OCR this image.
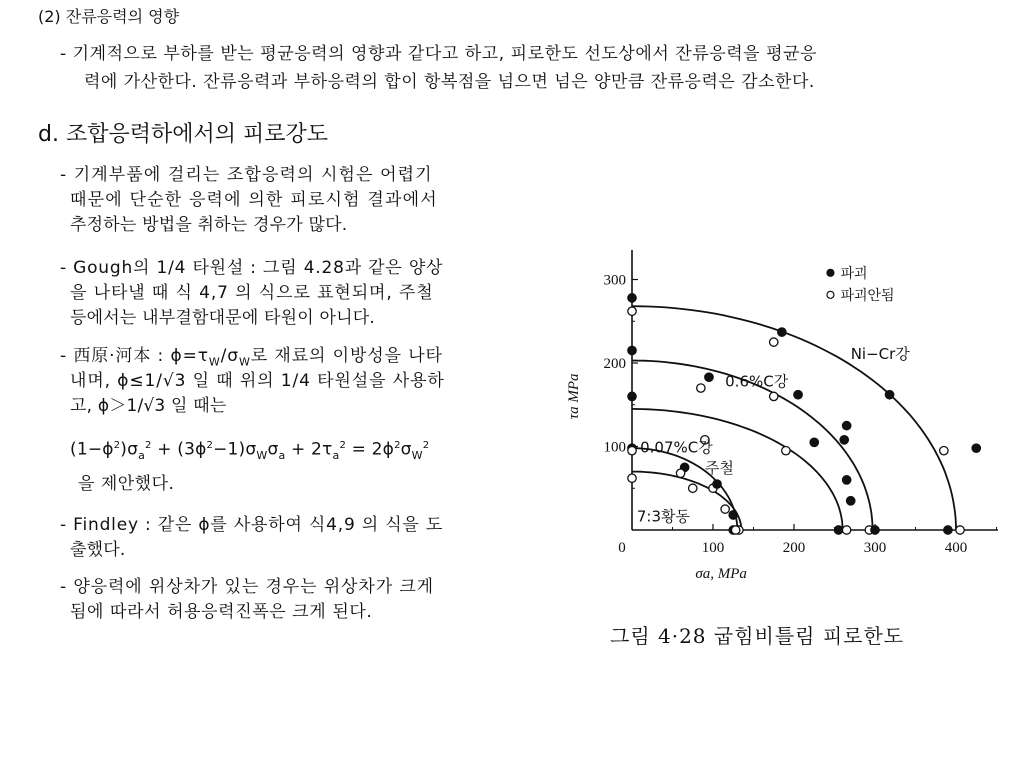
(2) 잔류응력의 영향
- 기계적으로 부하를 받는 평균응력의 영향과 같다고 하고, 피로한도 선도상에서 잔류응력을 평균응
력에 가산한다. 잔류응력과 부하응력의 합이 항복점을 넘으면 넘은 양만큼 잔류응력은 감소한다.
d. 조합응력하에서의 피로강도
- 기계부품에 걸리는 조합응력의 시험은 어렵기
때문에 단순한 응력에 의한 피로시험 결과에서
추정하는 방법을 취하는 경우가 많다.
- Gough의 1/4 타원설 : 그림 4.28과 같은 양상
을 나타낼 때 식 4,7 의 식으로 표현되며, 주철
등에서는 내부결함대문에 타원이 아니다.
- 西原·河本 : $\phi=\tau_W/\sigma_W$로 재료의 이방성을 나타
내며, ϕ≤1/√3 일 때 위의 1/4 타원설을 사용하
고, ϕ＞1/√3 일 때는
$(1-\phi^2)\sigma_a^2 + (3\phi^2-1)\sigma_W\sigma_a + 2\tau_a^2 = 2\phi^2\sigma_W^2$
을 제안했다.
- Findley : 같은 ϕ를 사용하여 식4,9 의 식을 도
출했다.
- 양응력에 위상차가 있는 경우는 위상차가 크게
됨에 따라서 허용응력진폭은 크게 된다.
0	100	200	300	400
100
200
300
σa, MPa
τa MPa
Ni−Cr강
0.6%C강
0.07%C강
주철
7:3황동
파괴
파괴안됨
그림 4·28 굽힘비틀림 피로한도
